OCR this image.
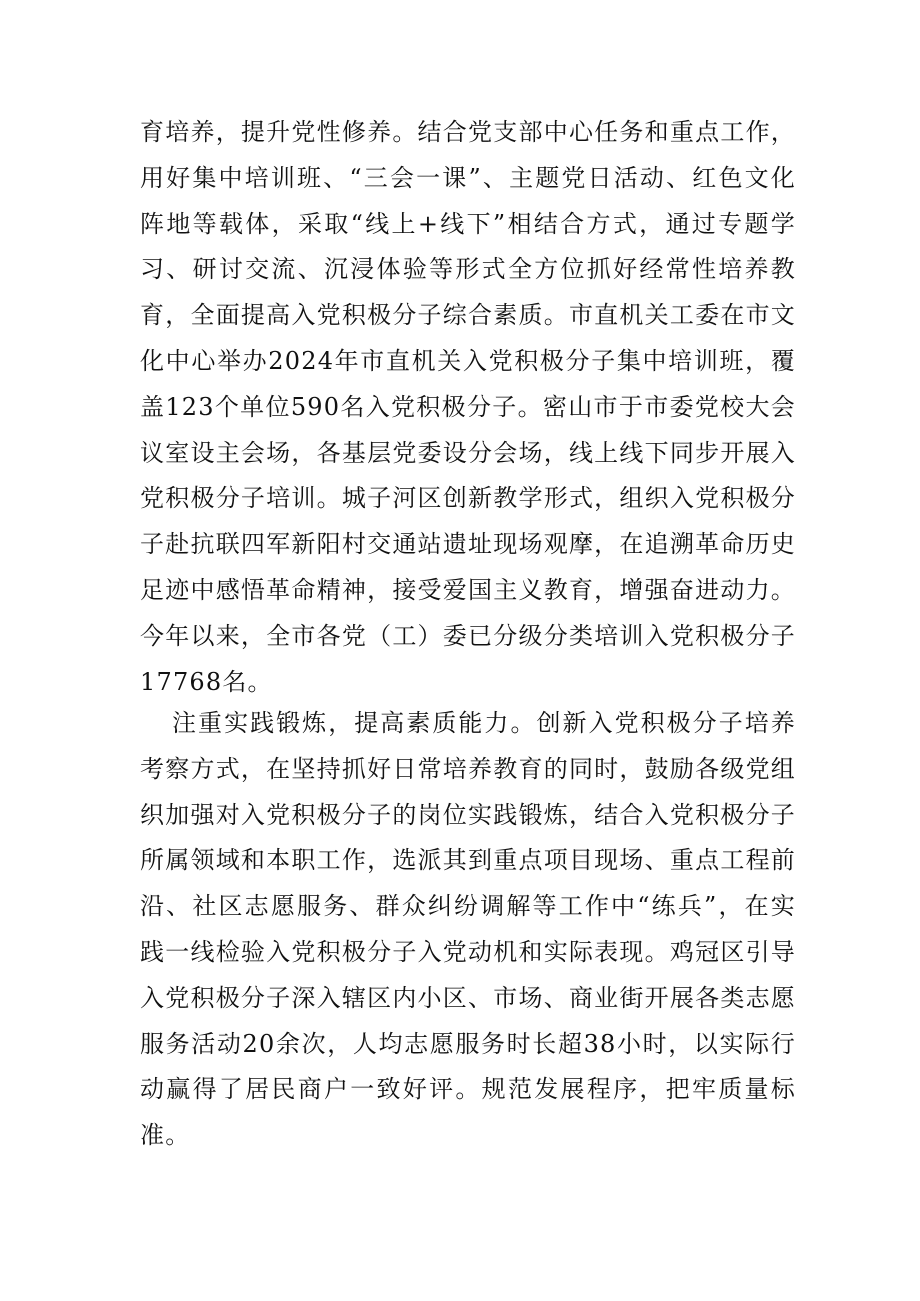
育培养，提升党性修养。结合党支部中心任务和重点工作，用好集中培训班、“三会一课”、主题党日活动、红色文化阵地等载体，采取“线上+线下”相结合方式，通过专题学习、研讨交流、沉浸体验等形式全方位抓好经常性培养教育，全面提高入党积极分子综合素质。市直机关工委在市文化中心举办2024年市直机关入党积极分子集中培训班，覆盖123个单位590名入党积极分子。密山市于市委党校大会议室设主会场，各基层党委设分会场，线上线下同步开展入党积极分子培训。城子河区创新教学形式，组织入党积极分子赴抗联四军新阳村交通站遗址现场观摩，在追溯革命历史足迹中感悟革命精神，接受爱国主义教育，增强奋进动力。今年以来，全市各党（工）委已分级分类培训入党积极分子17768名。

注重实践锻炼，提高素质能力。创新入党积极分子培养考察方式，在坚持抓好日常培养教育的同时，鼓励各级党组织加强对入党积极分子的岗位实践锻炼，结合入党积极分子所属领域和本职工作，选派其到重点项目现场、重点工程前沿、社区志愿服务、群众纠纷调解等工作中“练兵”，在实践一线检验入党积极分子入党动机和实际表现。鸡冠区引导入党积极分子深入辖区内小区、市场、商业街开展各类志愿服务活动20余次，人均志愿服务时长超38小时，以实际行动赢得了居民商户一致好评。规范发展程序，把牢质量标准。
